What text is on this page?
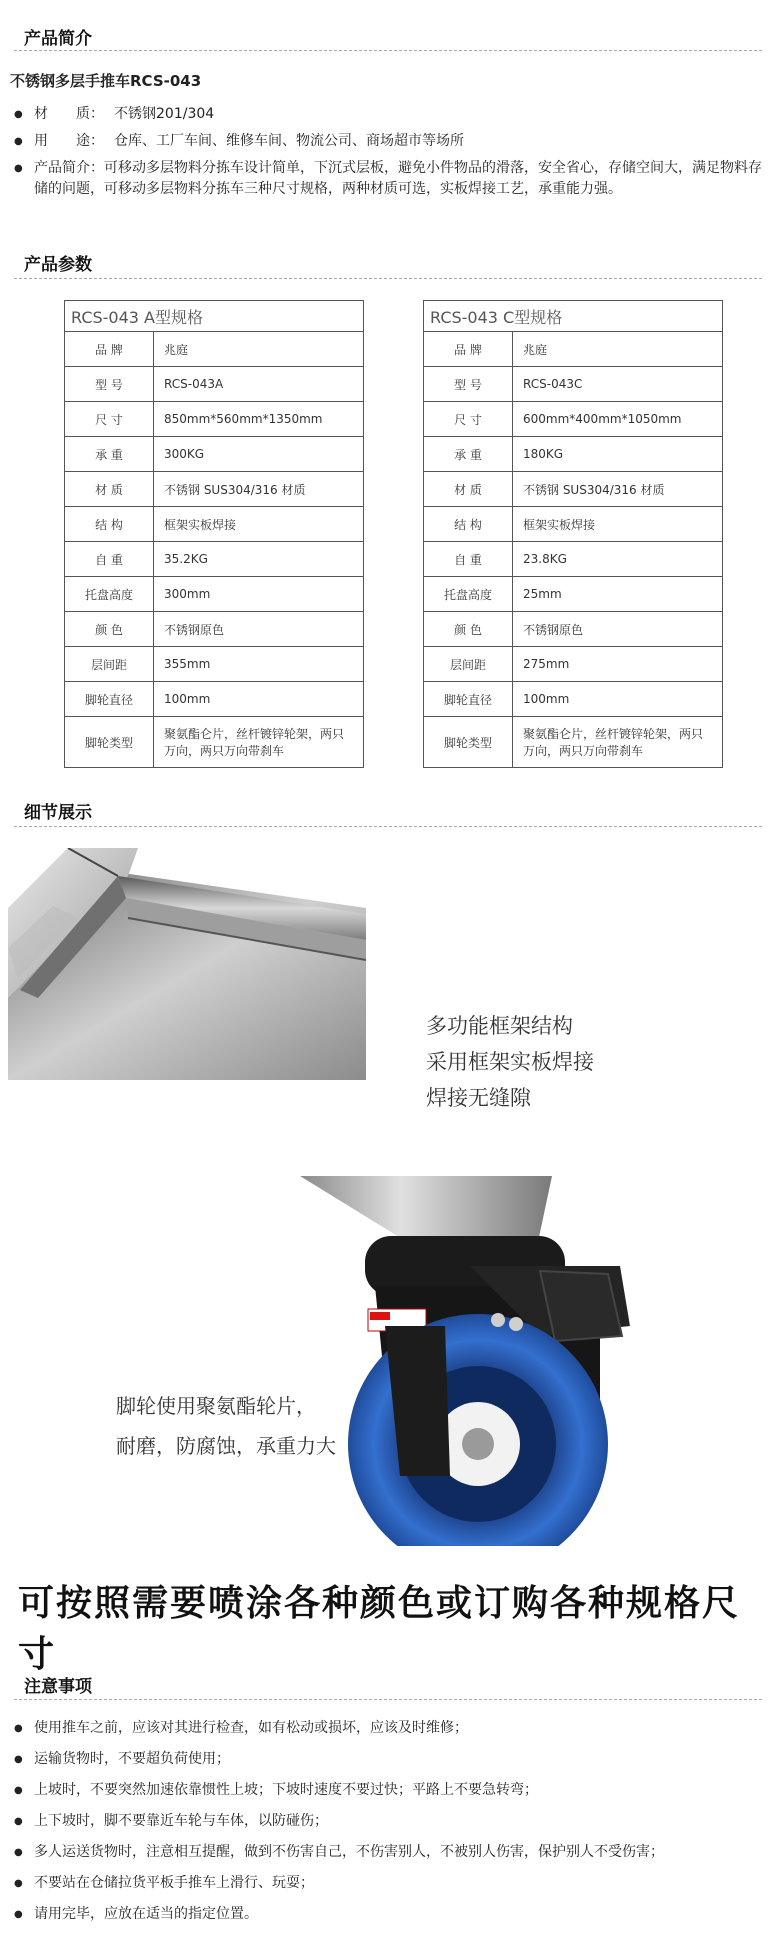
产品简介
不锈钢多层手推车RCS-043
● 材　　质： 不锈钢201/304
● 用　　途： 仓库、工厂车间、维修车间、物流公司、商场超市等场所
● 产品简介：可移动多层物料分拣车设计简单，下沉式层板，避免小件物品的滑落，安全省心，存储空间大，满足物料存储的问题，可移动多层物料分拣车三种尺寸规格，两种材质可选，实板焊接工艺，承重能力强。
产品参数
RCS-043 A型规格	
品 牌	兆庭
型 号	RCS-043A
尺 寸	850mm*560mm*1350mm
承 重	300KG
材 质	不锈钢 SUS304/316 材质
结 构	框架实板焊接
自 重	35.2KG
托盘高度	300mm
颜 色	不锈钢原色
层间距	355mm
脚轮直径	100mm
脚轮类型	聚氨酯仑片，丝杆镀锌轮架，两只万向，两只万向带刹车
RCS-043 C型规格	
品 牌	兆庭
型 号	RCS-043C
尺 寸	600mm*400mm*1050mm
承 重	180KG
材 质	不锈钢 SUS304/316 材质
结 构	框架实板焊接
自 重	23.8KG
托盘高度	25mm
颜 色	不锈钢原色
层间距	275mm
脚轮直径	100mm
脚轮类型	聚氨酯仑片，丝杆镀锌轮架，两只万向，两只万向带刹车
细节展示
多功能框架结构
采用框架实板焊接
焊接无缝隙
脚轮使用聚氨酯轮片，
耐磨，防腐蚀，承重力大
可按照需要喷涂各种颜色或订购各种规格尺寸
注意事项
● 使用推车之前，应该对其进行检查，如有松动或损坏，应该及时维修；
● 运输货物时，不要超负荷使用；
● 上坡时，不要突然加速依靠惯性上坡；下坡时速度不要过快；平路上不要急转弯；
● 上下坡时，脚不要靠近车轮与车体，以防碰伤；
● 多人运送货物时，注意相互提醒，做到不伤害自己，不伤害别人，不被别人伤害，保护别人不受伤害；
● 不要站在仓储拉货平板手推车上滑行、玩耍；
● 请用完毕，应放在适当的指定位置。
